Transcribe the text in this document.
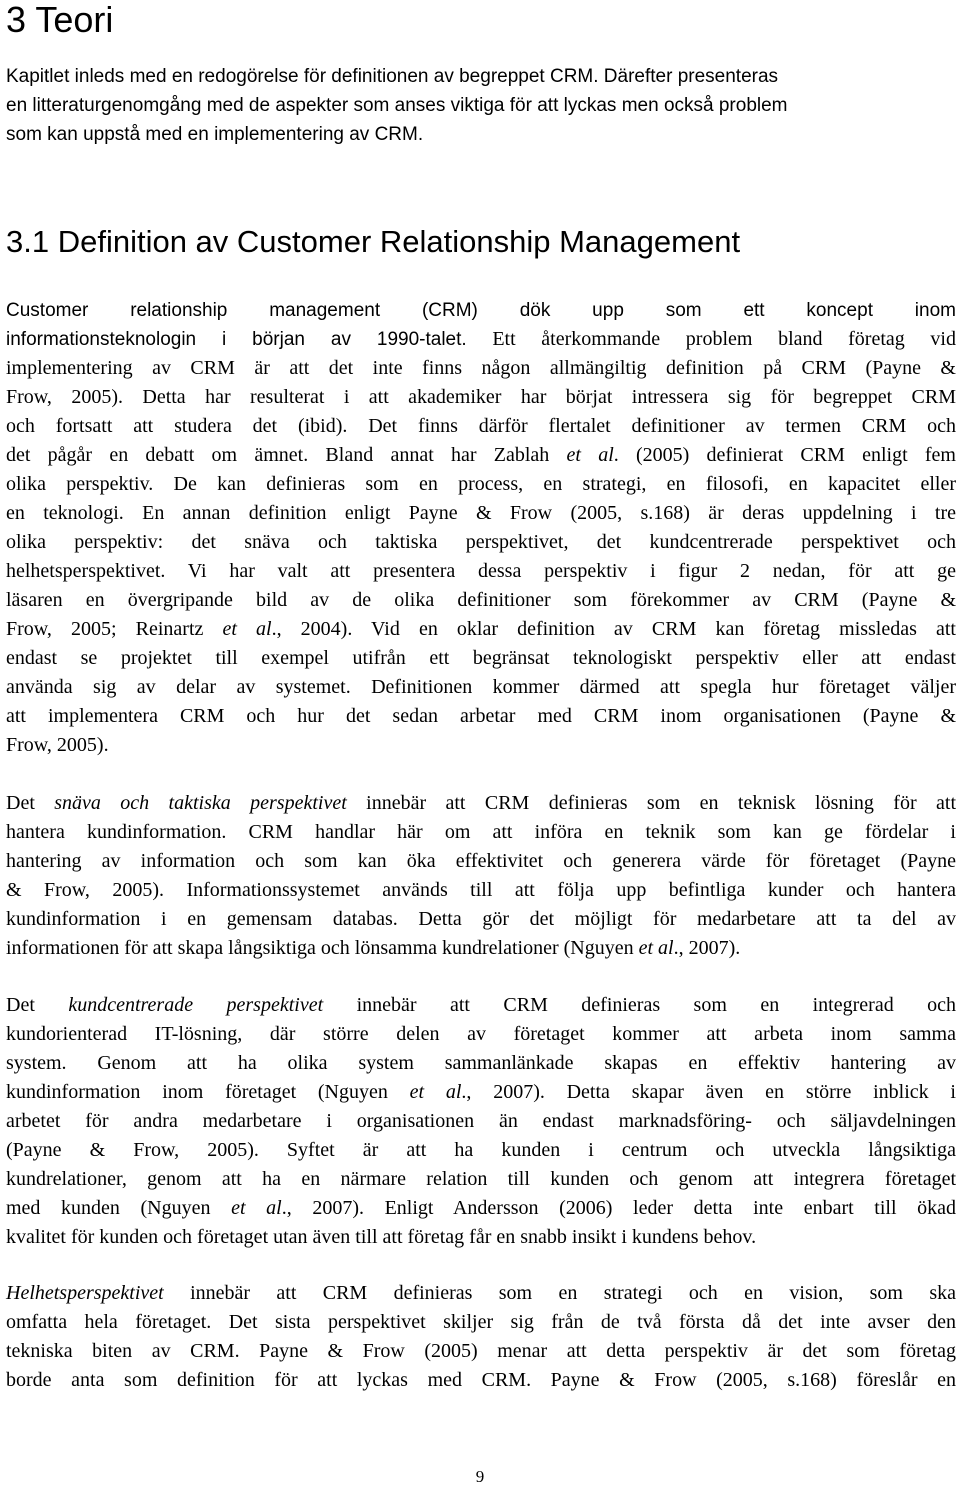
3 Teori

Kapitlet inleds med en redogörelse för definitionen av begreppet CRM. Därefter presenteras
en litteraturgenomgång med de aspekter som anses viktiga för att lyckas men också problem
som kan uppstå med en implementering av CRM.

3.1 Definition av Customer Relationship Management

Customer relationship management (CRM) dök upp som ett koncept inom
informationsteknologin i början av 1990-talet. Ett återkommande problem bland företag vid
implementering av CRM är att det inte finns någon allmängiltig definition på CRM (Payne &
Frow, 2005). Detta har resulterat i att akademiker har börjat intressera sig för begreppet CRM
och fortsatt att studera det (ibid). Det finns därför flertalet definitioner av termen CRM och
det pågår en debatt om ämnet. Bland annat har Zablah et al. (2005) definierat CRM enligt fem
olika perspektiv. De kan definieras som en process, en strategi, en filosofi, en kapacitet eller
en teknologi. En annan definition enligt Payne & Frow (2005, s.168) är deras uppdelning i tre
olika perspektiv: det snäva och taktiska perspektivet, det kundcentrerade perspektivet och
helhetsperspektivet. Vi har valt att presentera dessa perspektiv i figur 2 nedan, för att ge
läsaren en övergripande bild av de olika definitioner som förekommer av CRM (Payne &
Frow, 2005; Reinartz et al., 2004). Vid en oklar definition av CRM kan företag missledas att
endast se projektet till exempel utifrån ett begränsat teknologiskt perspektiv eller att endast
använda sig av delar av systemet. Definitionen kommer därmed att spegla hur företaget väljer
att implementera CRM och hur det sedan arbetar med CRM inom organisationen (Payne &
Frow, 2005).

Det snäva och taktiska perspektivet innebär att CRM definieras som en teknisk lösning för att
hantera kundinformation. CRM handlar här om att införa en teknik som kan ge fördelar i
hantering av information och som kan öka effektivitet och generera värde för företaget (Payne
& Frow, 2005). Informationssystemet används till att följa upp befintliga kunder och hantera
kundinformation i en gemensam databas. Detta gör det möjligt för medarbetare att ta del av
informationen för att skapa långsiktiga och lönsamma kundrelationer (Nguyen et al., 2007).

Det kundcentrerade perspektivet innebär att CRM definieras som en integrerad och
kundorienterad IT-lösning, där större delen av företaget kommer att arbeta inom samma
system. Genom att ha olika system sammanlänkade skapas en effektiv hantering av
kundinformation inom företaget (Nguyen et al., 2007). Detta skapar även en större inblick i
arbetet för andra medarbetare i organisationen än endast marknadsföring- och säljavdelningen
(Payne & Frow, 2005). Syftet är att ha kunden i centrum och utveckla långsiktiga
kundrelationer, genom att ha en närmare relation till kunden och genom att integrera företaget
med kunden (Nguyen et al., 2007). Enligt Andersson (2006) leder detta inte enbart till ökad
kvalitet för kunden och företaget utan även till att företag får en snabb insikt i kundens behov.

Helhetsperspektivet innebär att CRM definieras som en strategi och en vision, som ska
omfatta hela företaget. Det sista perspektivet skiljer sig från de två första då det inte avser den
tekniska biten av CRM. Payne & Frow (2005) menar att detta perspektiv är det som företag
borde anta som definition för att lyckas med CRM. Payne & Frow (2005, s.168) föreslår en

9
